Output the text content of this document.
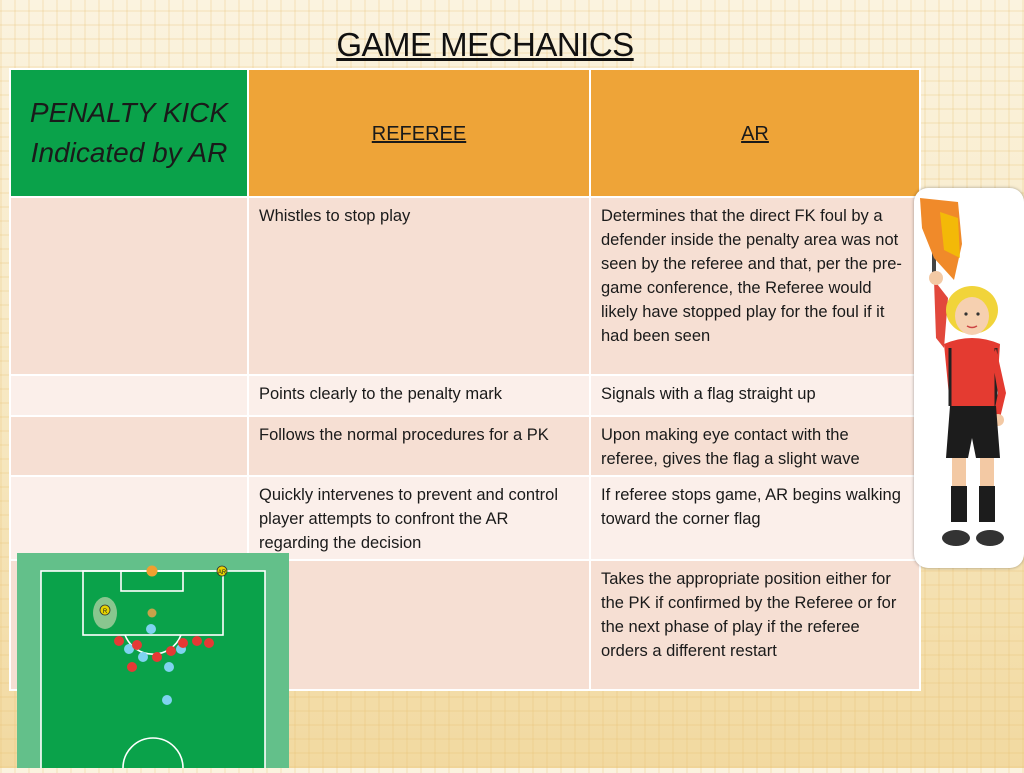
GAME MECHANICS
PENALTY KICK Indicated by AR	REFEREE	AR
	Whistles to stop play	Determines that the direct FK foul by a defender inside the penalty area was not seen by the referee and that, per the pre-game conference, the Referee would likely have stopped play for the foul if it had been seen
	Points clearly to the penalty mark	Signals with a flag straight up
	Follows the normal procedures for a PK	Upon making eye contact with the referee, gives the flag a slight wave
	Quickly intervenes to prevent and control player attempts to confront the AR regarding the decision	If referee stops game, AR begins walking toward the corner flag
		Takes the appropriate position either for the PK if confirmed by the Referee or for the next phase of play if the referee orders a different restart
AR
R
